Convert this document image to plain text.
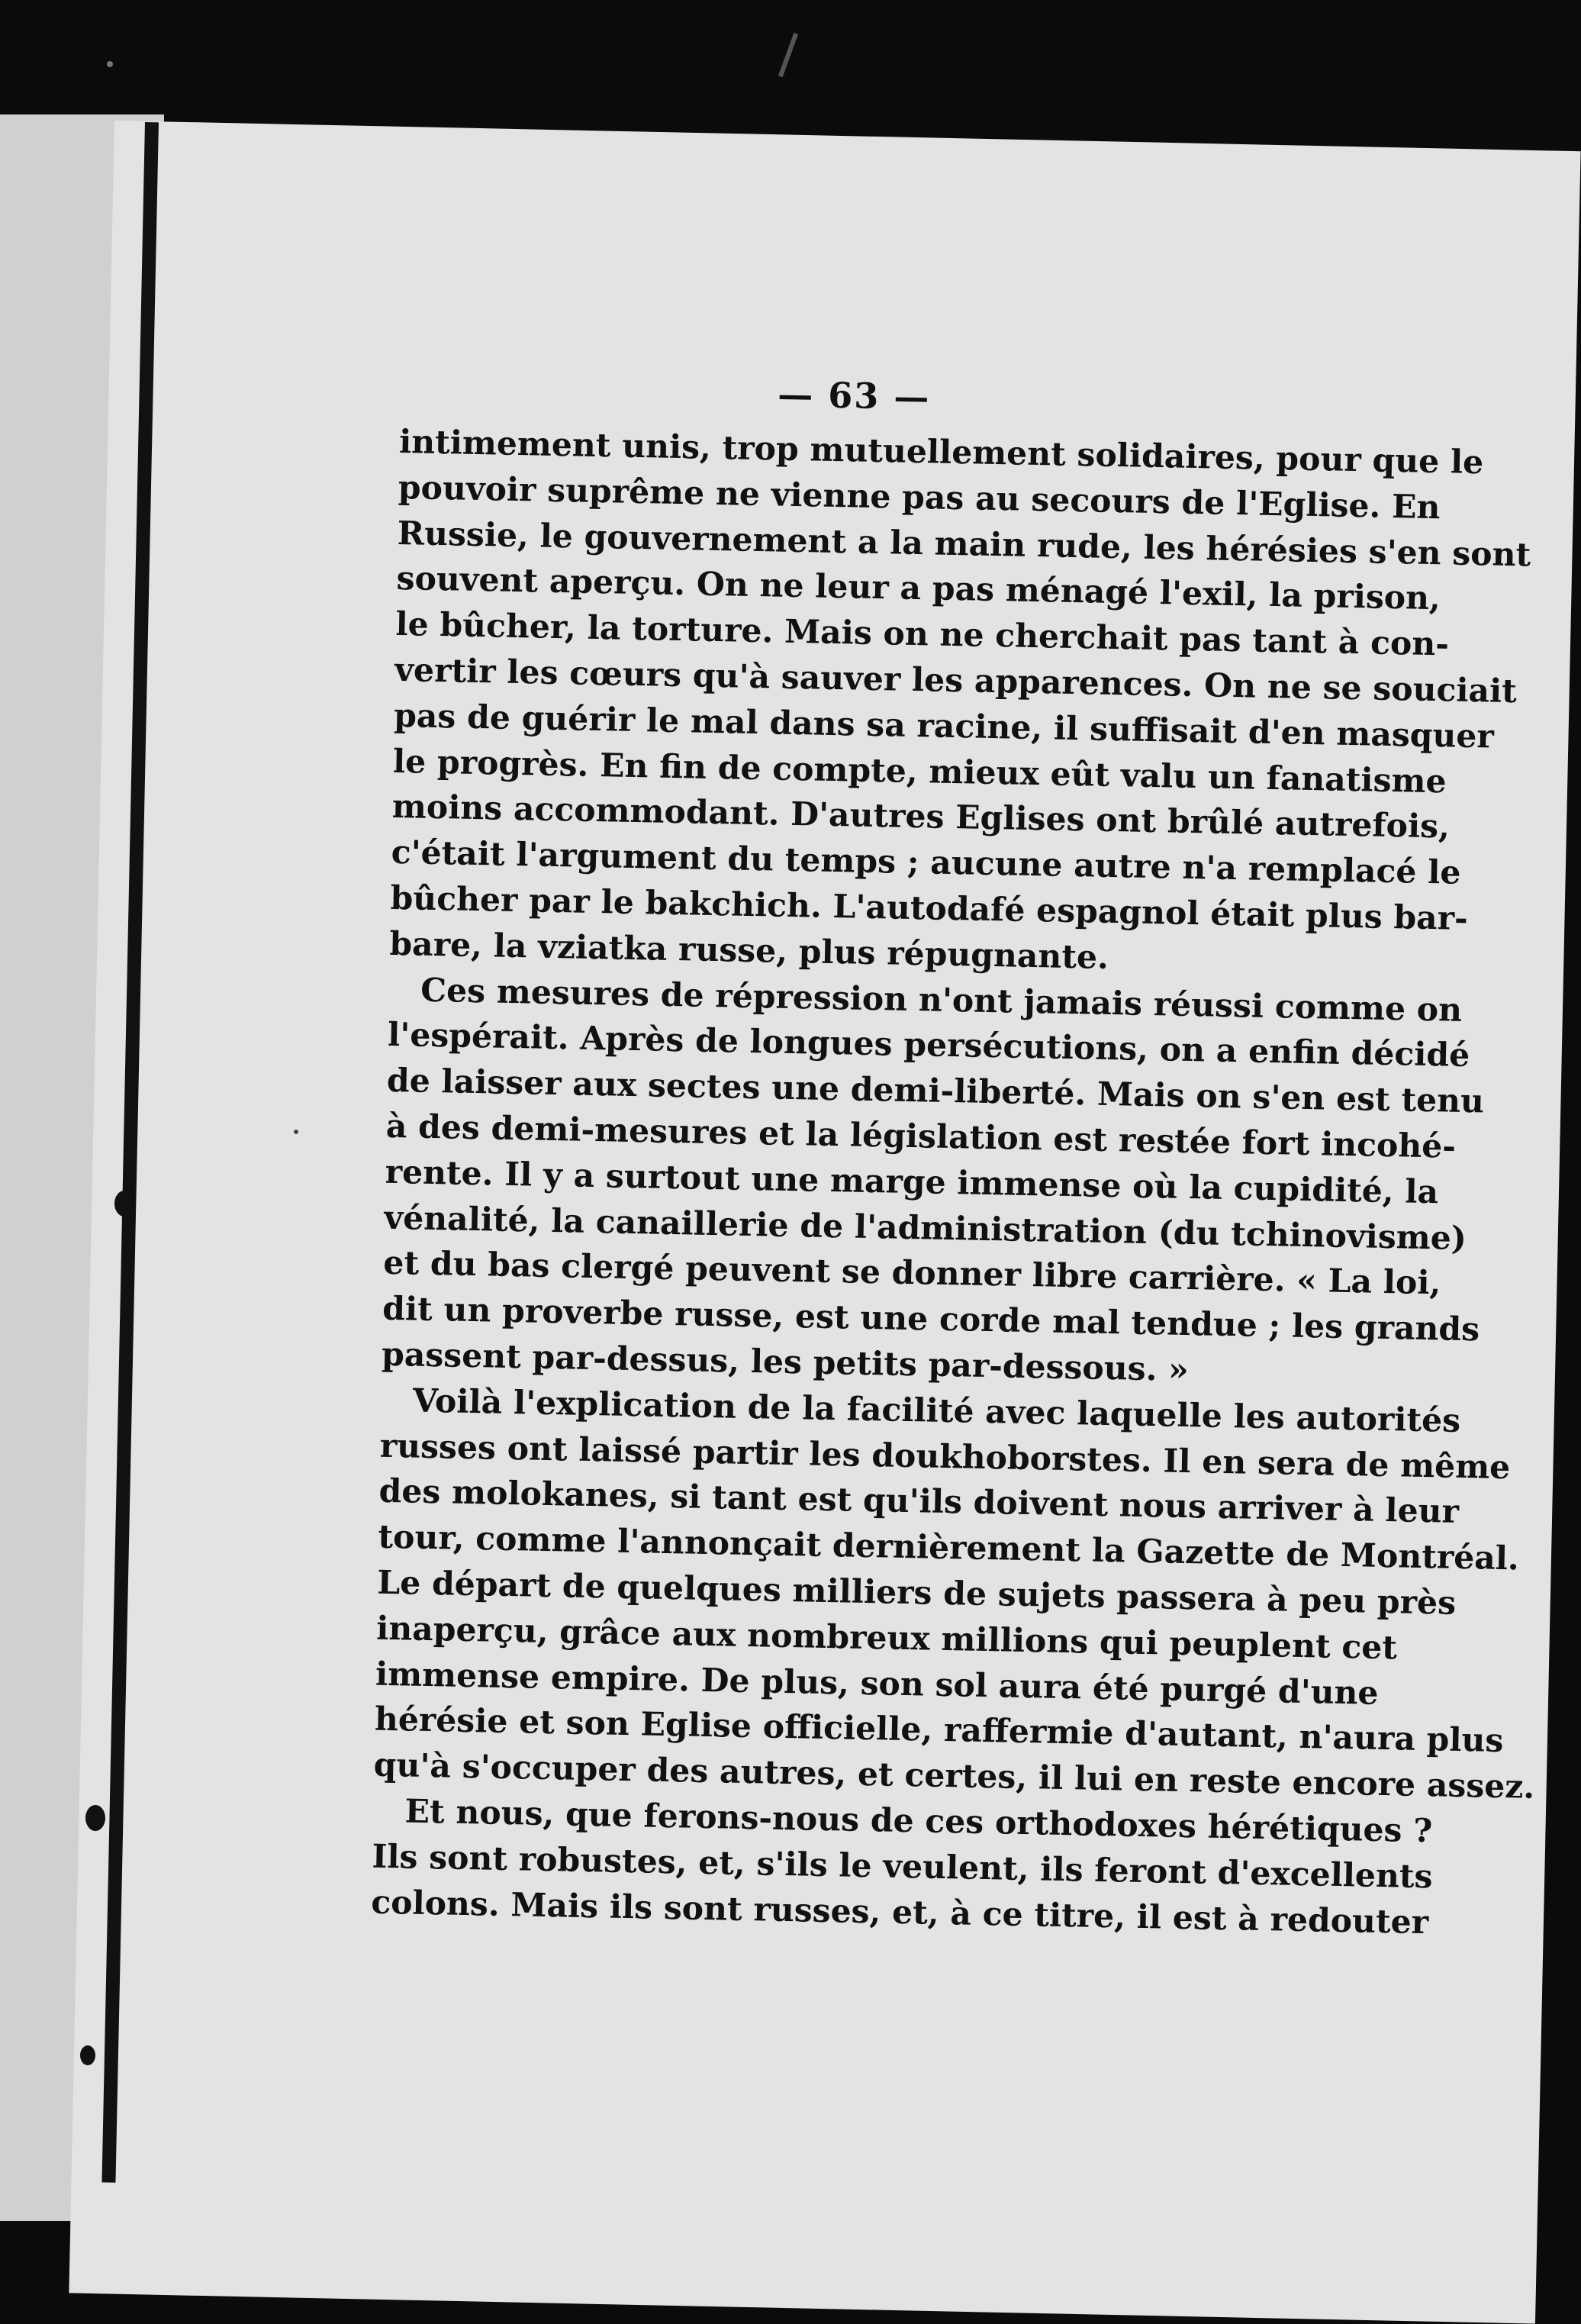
— 63 —

intimement unis, trop mutuellement solidaires, pour que le
pouvoir suprême ne vienne pas au secours de l'Eglise. En
Russie, le gouvernement a la main rude, les hérésies s'en sont
souvent aperçu. On ne leur a pas ménagé l'exil, la prison,
le bûcher, la torture. Mais on ne cherchait pas tant à con-
vertir les cœurs qu'à sauver les apparences. On ne se souciait
pas de guérir le mal dans sa racine, il suffisait d'en masquer
le progrès. En fin de compte, mieux eût valu un fanatisme
moins accommodant. D'autres Eglises ont brûlé autrefois,
c'était l'argument du temps ; aucune autre n'a remplacé le
bûcher par le bakchich. L'autodafé espagnol était plus bar-
bare, la vziatka russe, plus répugnante.

Ces mesures de répression n'ont jamais réussi comme on
l'espérait. Après de longues persécutions, on a enfin décidé
de laisser aux sectes une demi-liberté. Mais on s'en est tenu
à des demi-mesures et la législation est restée fort incohé-
rente. Il y a surtout une marge immense où la cupidité, la
vénalité, la canaillerie de l'administration (du tchinovisme)
et du bas clergé peuvent se donner libre carrière. « La loi,
dit un proverbe russe, est une corde mal tendue ; les grands
passent par-dessus, les petits par-dessous. »

Voilà l'explication de la facilité avec laquelle les autorités
russes ont laissé partir les doukhoborstes. Il en sera de même
des molokanes, si tant est qu'ils doivent nous arriver à leur
tour, comme l'annonçait dernièrement la Gazette de Montréal.
Le départ de quelques milliers de sujets passera à peu près
inaperçu, grâce aux nombreux millions qui peuplent cet
immense empire. De plus, son sol aura été purgé d'une
hérésie et son Eglise officielle, raffermie d'autant, n'aura plus
qu'à s'occuper des autres, et certes, il lui en reste encore assez.

Et nous, que ferons-nous de ces orthodoxes hérétiques ?
Ils sont robustes, et, s'ils le veulent, ils feront d'excellents
colons. Mais ils sont russes, et, à ce titre, il est à redouter
